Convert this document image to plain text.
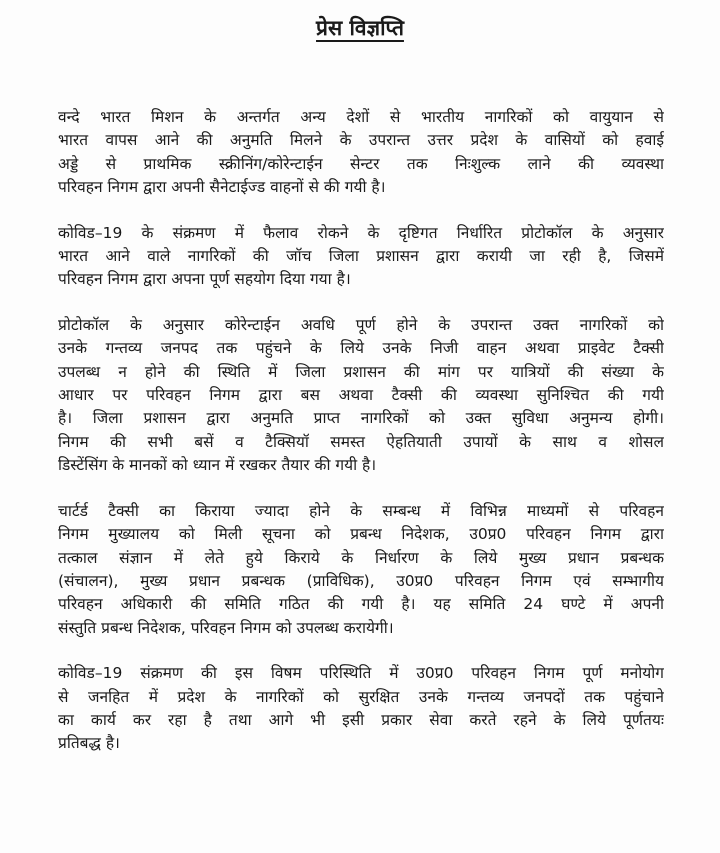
प्रेस विज्ञप्ति

वन्दे भारत मिशन के अन्तर्गत अन्य देशों से भारतीय नागरिकों को वायुयान से
भारत वापस आने की अनुमति मिलने के उपरान्त उत्तर प्रदेश के वासियों को हवाई
अड्डे से प्राथमिक स्क्रीनिंग/कोरेन्टाईन सेन्टर तक निःशुल्क लाने की व्यवस्था
परिवहन निगम द्वारा अपनी सैनेटाईज्ड वाहनों से की गयी है।

कोविड–19 के संक्रमण में फैलाव रोकने के दृष्टिगत निर्धारित प्रोटोकॉल के अनुसार
भारत आने वाले नागरिकों की जॉच जिला प्रशासन द्वारा करायी जा रही है, जिसमें
परिवहन निगम द्वारा अपना पूर्ण सहयोग दिया गया है।

प्रोटोकॉल के अनुसार कोरेन्टाईन अवधि पूर्ण होने के उपरान्त उक्त नागरिकों को
उनके गन्तव्य जनपद तक पहुंचने के लिये उनके निजी वाहन अथवा प्राइवेट टैक्सी
उपलब्ध न होने की स्थिति में जिला प्रशासन की मांग पर यात्रियों की संख्या के
आधार पर परिवहन निगम द्वारा बस अथवा टैक्सी की व्यवस्था सुनिश्चित की गयी
है। जिला प्रशासन द्वारा अनुमति प्राप्त नागरिकों को उक्त सुविधा अनुमन्य होगी।
निगम की सभी बसें व टैक्सियॉ समस्त ऐहतियाती उपायों के साथ व शोसल
डिस्टेंसिंग के मानकों को ध्यान में रखकर तैयार की गयी है।

चार्टर्ड टैक्सी का किराया ज्यादा होने के सम्बन्ध में विभिन्न माध्यमों से परिवहन
निगम मुख्यालय को मिली सूचना को प्रबन्ध निदेशक, उ0प्र0 परिवहन निगम द्वारा
तत्काल संज्ञान में लेते हुये किराये के निर्धारण के लिये मुख्य प्रधान प्रबन्धक
(संचालन), मुख्य प्रधान प्रबन्धक (प्राविधिक), उ0प्र0 परिवहन निगम एवं सम्भागीय
परिवहन अधिकारी की समिति गठित की गयी है। यह समिति 24 घण्टे में अपनी
संस्तुति प्रबन्ध निदेशक, परिवहन निगम को उपलब्ध करायेगी।

कोविड–19 संक्रमण की इस विषम परिस्थिति में उ0प्र0 परिवहन निगम पूर्ण मनोयोग
से जनहित में प्रदेश के नागरिकों को सुरक्षित उनके गन्तव्य जनपदों तक पहुंचाने
का कार्य कर रहा है तथा आगे भी इसी प्रकार सेवा करते रहने के लिये पूर्णतयः
प्रतिबद्ध है।
